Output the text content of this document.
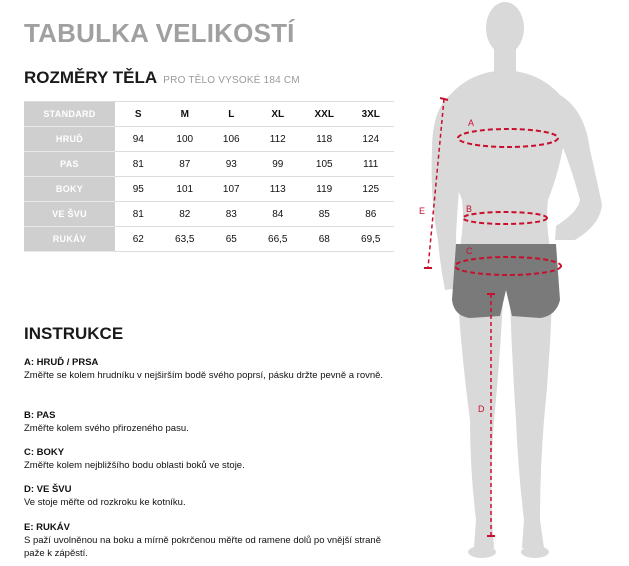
TABULKA VELIKOSTÍ
ROZMĚRY TĚLA PRO TĚLO VYSOKÉ 184 CM
STANDARD	S	M	L	XL	XXL	3XL
HRUĎ	94	100	106	112	118	124
PAS	81	87	93	99	105	111
BOKY	95	101	107	113	119	125
VE ŠVU	81	82	83	84	85	86
RUKÁV	62	63,5	65	66,5	68	69,5
INSTRUKCE
A: HRUĎ / PRSA
Změřte se kolem hrudníku v nejširším bodě svého poprsí, pásku držte pevně a rovně.
B: PAS
Změřte kolem svého přirozeného pasu.
C: BOKY
Změřte kolem nejbližšího bodu oblasti boků ve stoje.
D: VE ŠVU
Ve stoje měřte od rozkroku ke kotníku.
E: RUKÁV
S paží uvolněnou na boku a mírně pokrčenou měřte od ramene dolů po vnější straně paže k zápěstí.
A
B
C
D
E
